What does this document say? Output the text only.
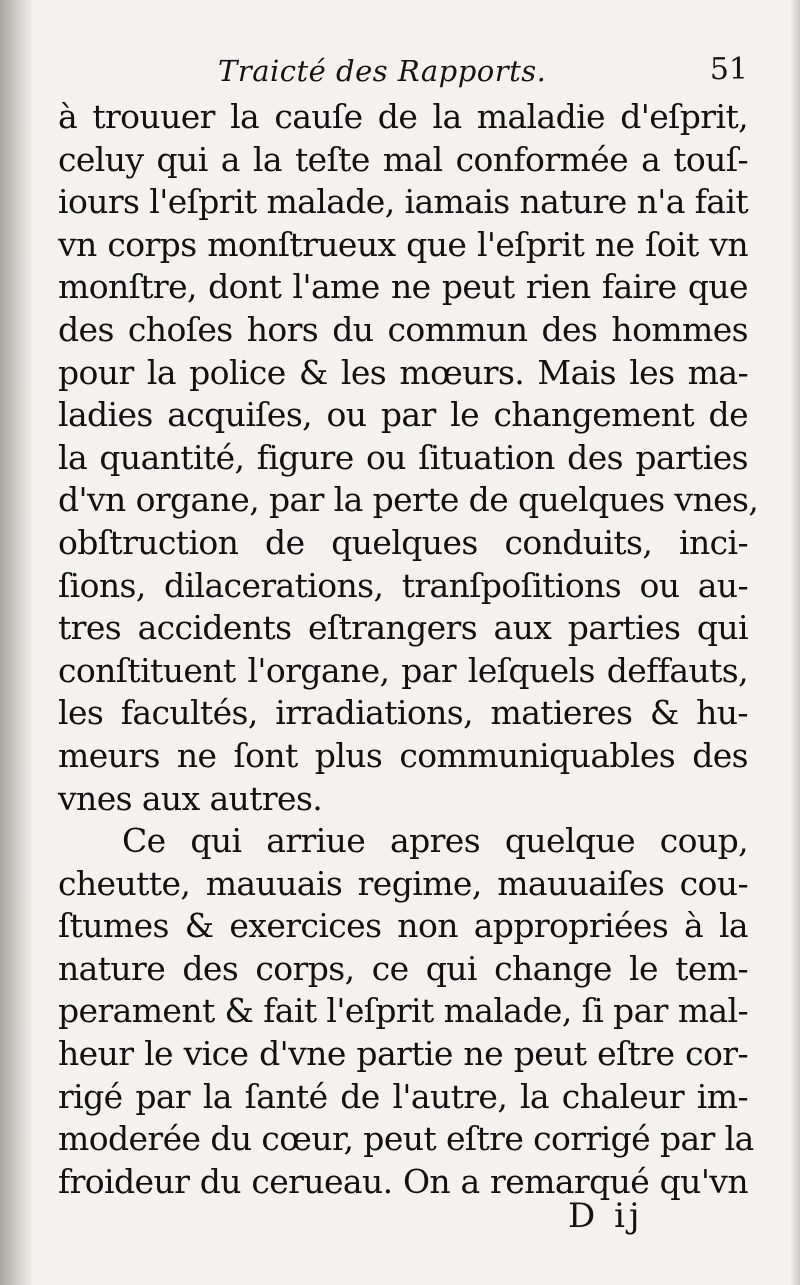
Traicté des Rapports.	51
à trouuer la cauſe de la maladie d'eſprit,
celuy qui a la teſte mal conformée a touſ-
iours l'eſprit malade, iamais nature n'a fait
vn corps monſtrueux que l'eſprit ne ſoit vn
monſtre, dont l'ame ne peut rien faire que
des choſes hors du commun des hommes
pour la police & les mœurs. Mais les ma-
ladies acquiſes, ou par le changement de
la quantité, figure ou ſituation des parties
d'vn organe, par la perte de quelques vnes,
obſtruction de quelques conduits, inci-
ſions, dilacerations, tranſpoſitions ou au-
tres accidents eſtrangers aux parties qui
conſtituent l'organe, par leſquels deffauts,
les facultés, irradiations, matieres & hu-
meurs ne ſont plus communiquables des
vnes aux autres.
Ce qui arriue apres quelque coup,
cheutte, mauuais regime, mauuaiſes cou-
ſtumes & exercices non appropriées à la
nature des corps, ce qui change le tem-
perament & fait l'eſprit malade, ſi par mal-
heur le vice d'vne partie ne peut eſtre cor-
rigé par la ſanté de l'autre, la chaleur im-
moderée du cœur, peut eſtre corrigé par la
froideur du cerueau. On a remarqué qu'vn
D ij
